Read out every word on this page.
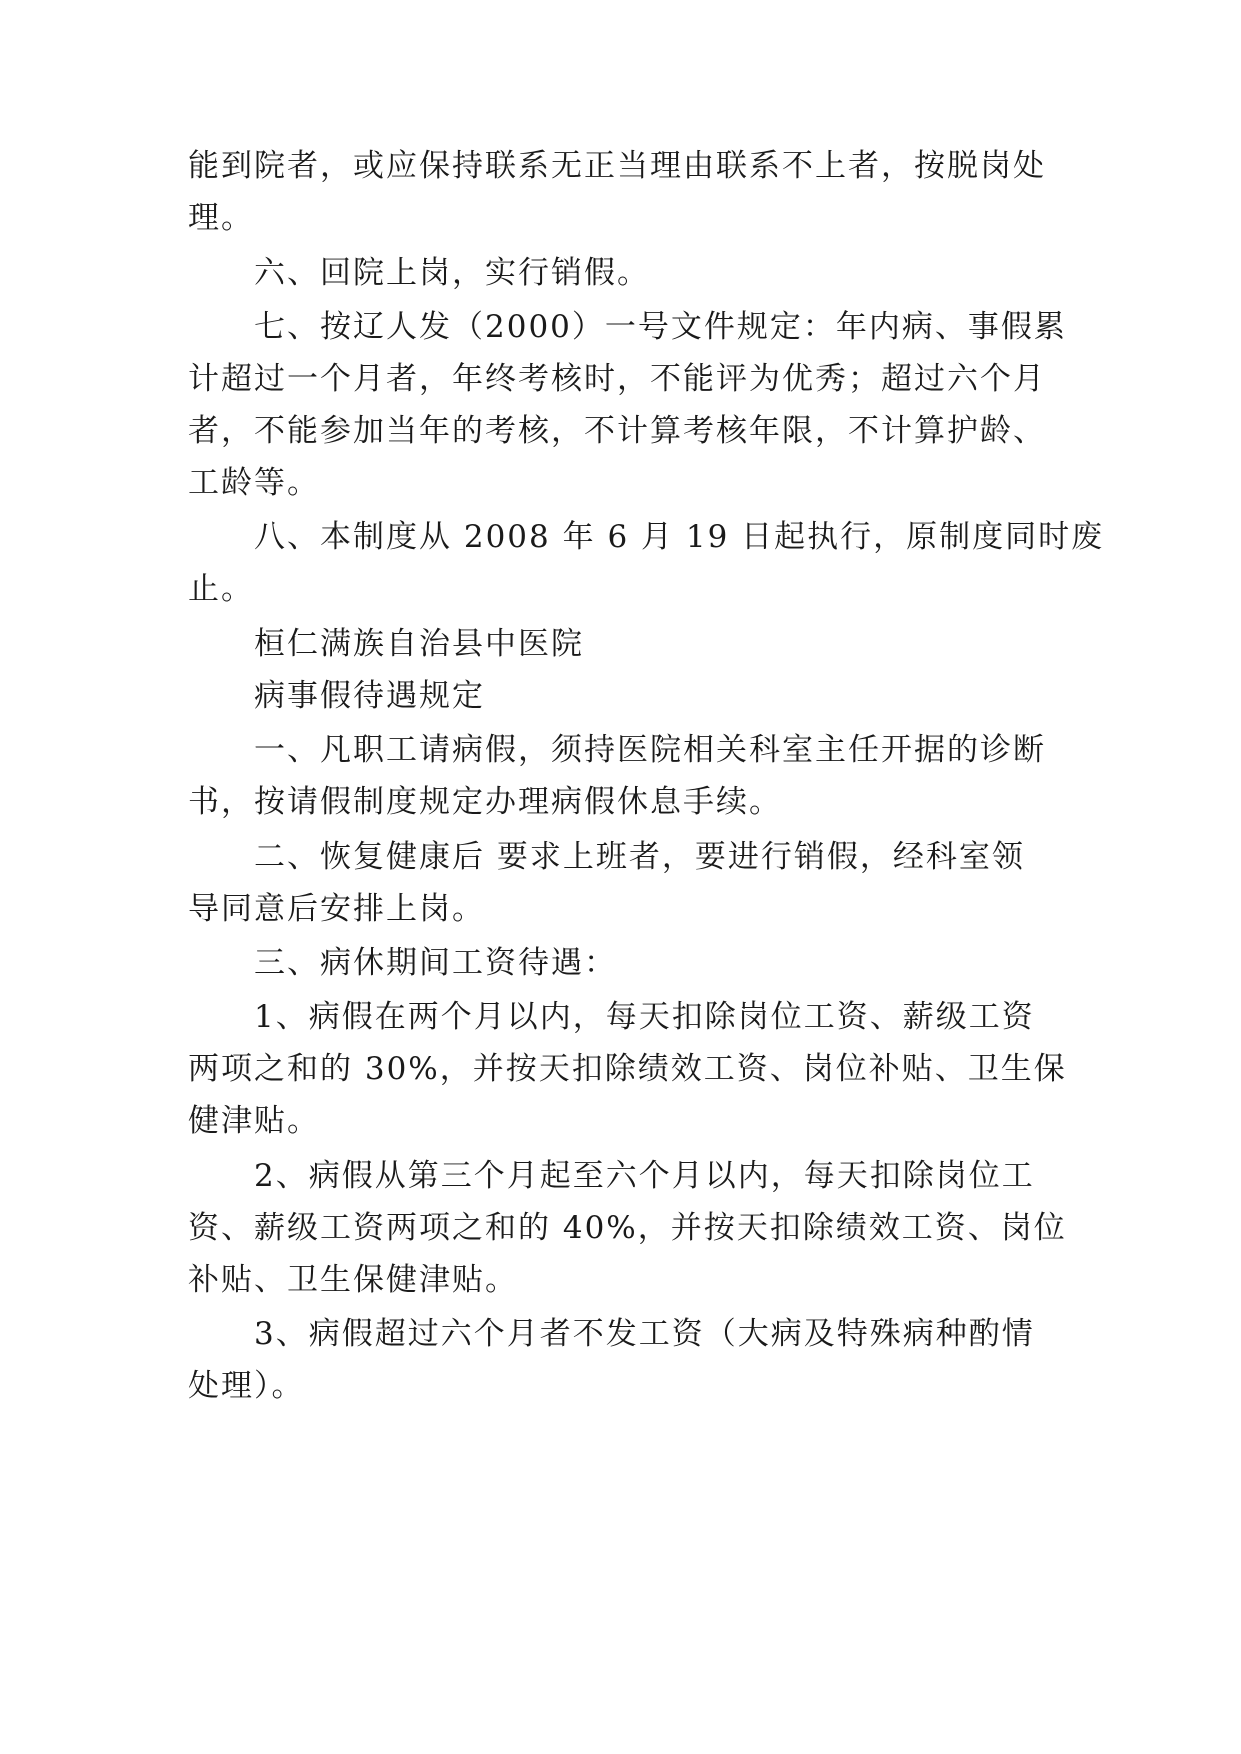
能到院者，或应保持联系无正当理由联系不上者，按脱岗处

理。

六、回院上岗，实行销假。

七、按辽人发（2000）一号文件规定：年内病、事假累

计超过一个月者，年终考核时，不能评为优秀；超过六个月

者，不能参加当年的考核，不计算考核年限，不计算护龄、

工龄等。

八、本制度从 2008 年 6 月 19 日起执行，原制度同时废

止。

桓仁满族自治县中医院

病事假待遇规定

一、凡职工请病假，须持医院相关科室主任开据的诊断

书，按请假制度规定办理病假休息手续。

二、恢复健康后 要求上班者，要进行销假，经科室领

导同意后安排上岗。

三、病休期间工资待遇：

1、病假在两个月以内，每天扣除岗位工资、薪级工资

两项之和的 30%，并按天扣除绩效工资、岗位补贴、卫生保

健津贴。

2、病假从第三个月起至六个月以内，每天扣除岗位工

资、薪级工资两项之和的 40%，并按天扣除绩效工资、岗位

补贴、卫生保健津贴。

3、病假超过六个月者不发工资（大病及特殊病种酌情

处理）。
